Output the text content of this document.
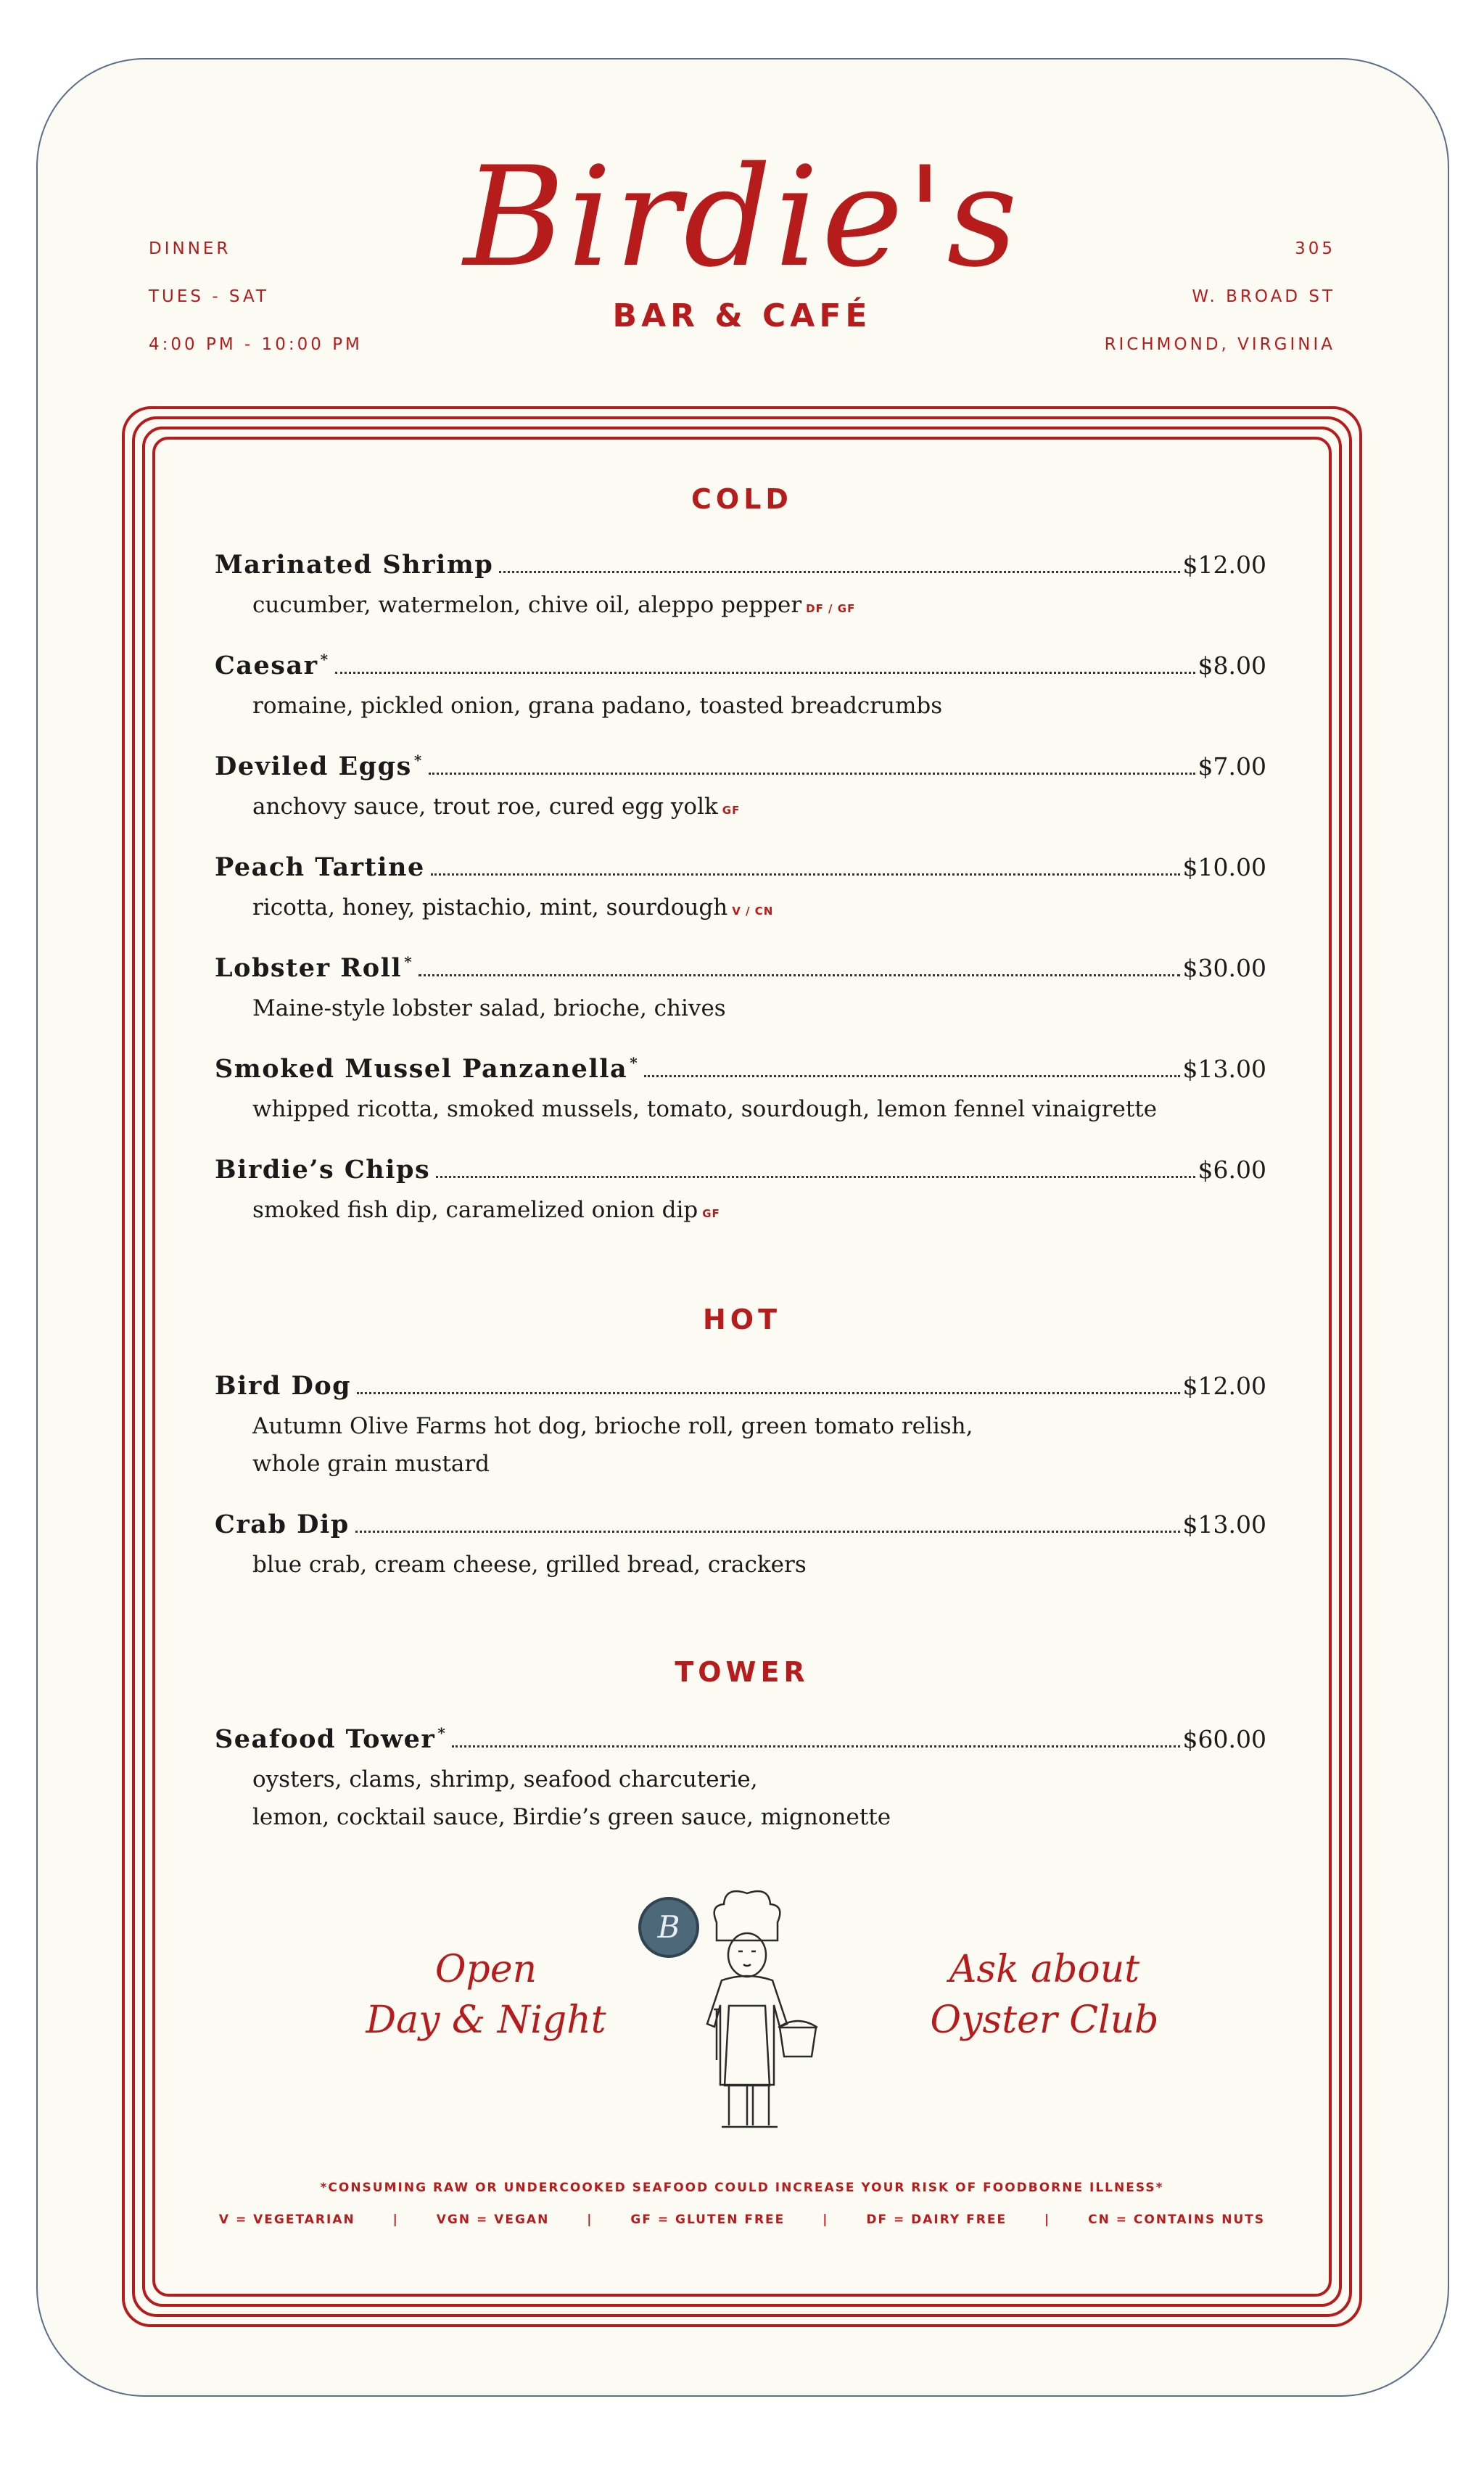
DINNER
TUES - SAT
4:00 PM - 10:00 PM
305
W. BROAD ST
RICHMOND, VIRGINIA
Birdie's
BAR & CAFÉ
COLD
Marinated Shrimp	$12.00
cucumber, watermelon, chive oil, aleppo pepper DF / GF
Caesar *	$8.00
romaine, pickled onion, grana padano, toasted breadcrumbs
Deviled Eggs *	$7.00
anchovy sauce, trout roe, cured egg yolk GF
Peach Tartine	$10.00
ricotta, honey, pistachio, mint, sourdough V / CN
Lobster Roll *	$30.00
Maine-style lobster salad, brioche, chives
Smoked Mussel Panzanella *	$13.00
whipped ricotta, smoked mussels, tomato, sourdough, lemon fennel vinaigrette
Birdie’s Chips	$6.00
smoked fish dip, caramelized onion dip GF
HOT
Bird Dog	$12.00
Autumn Olive Farms hot dog, brioche roll, green tomato relish,
whole grain mustard
Crab Dip	$13.00
blue crab, cream cheese, grilled bread, crackers
TOWER
Seafood Tower *	$60.00
oysters, clams, shrimp, seafood charcuterie,
lemon, cocktail sauce, Birdie’s green sauce, mignonette
Open
Day & Night
Ask about
Oyster Club
B
*CONSUMING RAW OR UNDERCOOKED SEAFOOD COULD INCREASE YOUR RISK OF FOODBORNE ILLNESS*
V = VEGETARIAN	|	VGN = VEGAN	|	GF = GLUTEN FREE	|	DF = DAIRY FREE	|	CN = CONTAINS NUTS
